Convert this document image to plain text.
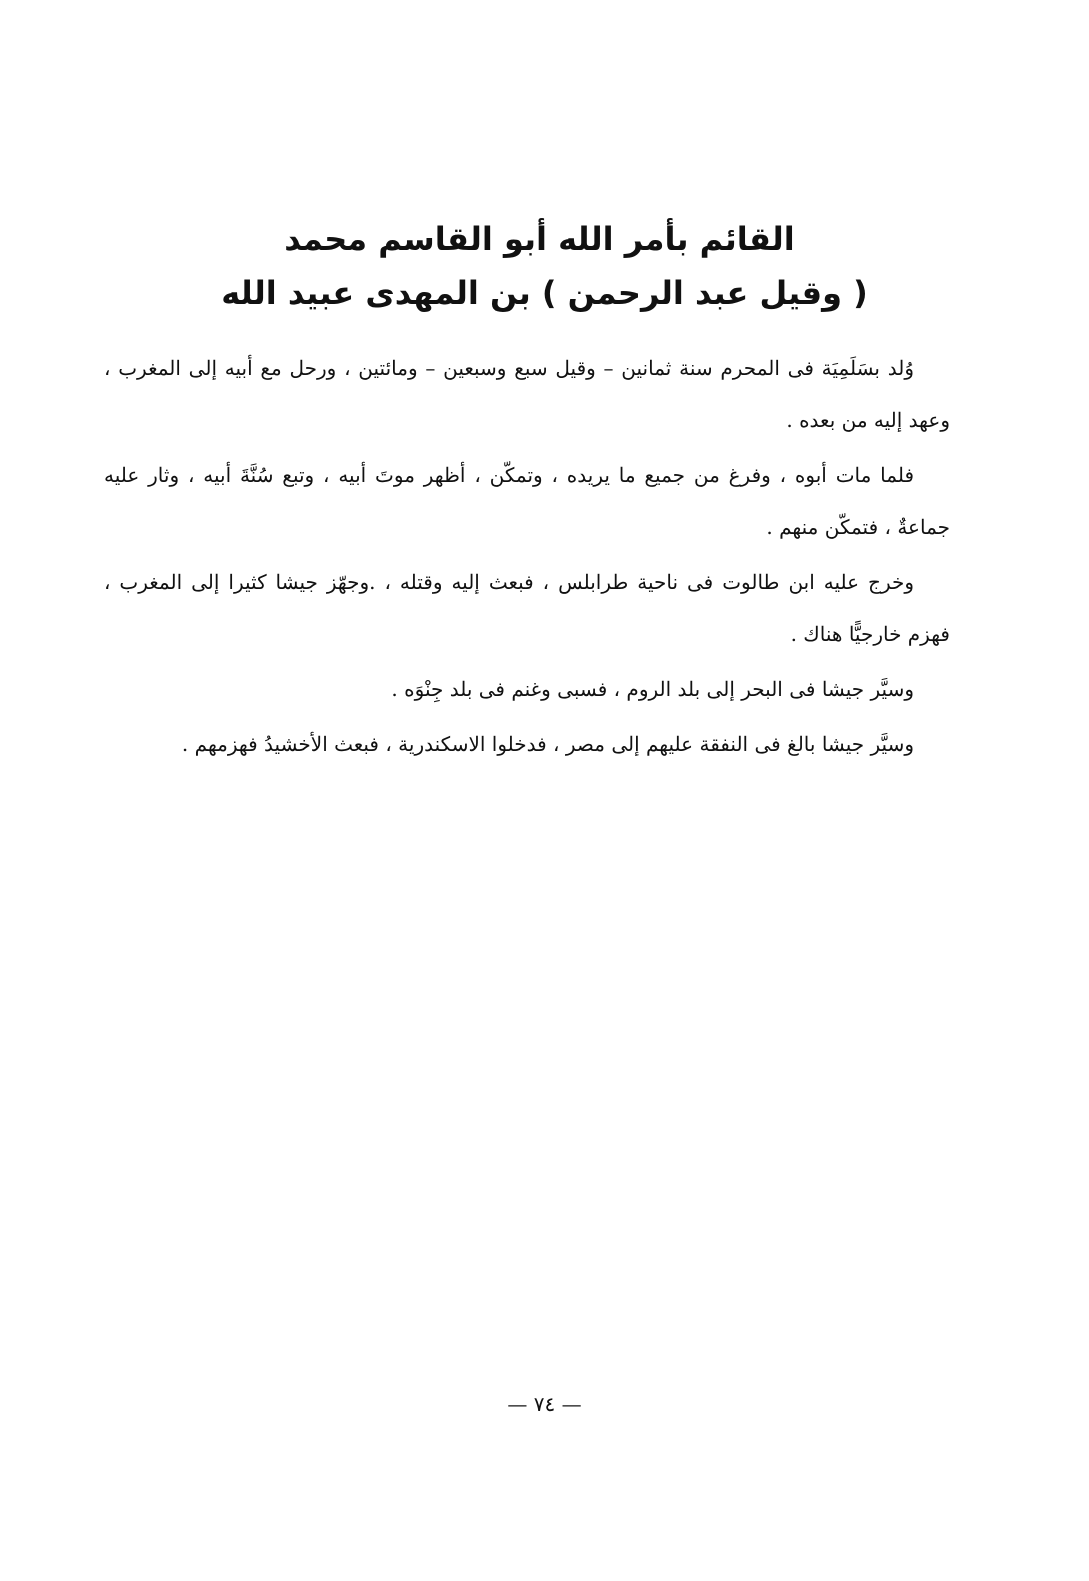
القائم بأمر الله أبو القاسم محمد
( وقيل عبد الرحمن ) بن المهدى عبيد الله

وُلد بسَلَمِيَة فى المحرم سنة ثمانين – وقيل سبع وسبعين – ومائتين ، ورحل مع أبيه إلى المغرب ، وعهد إليه من بعده .

فلما مات أبوه ، وفرغ من جميع ما يريده ، وتمكّن ، أظهر موتَ أبيه ، وتبع سُنَّةَ أبيه ، وثار عليه جماعةٌ ، فتمكّن منهم .

وخرج عليه ابن طالوت فى ناحية طرابلس ، فبعث إليه وقتله ، .وجهّز جيشا كثيرا إلى المغرب ، فهزم خارجيًّا هناك .

وسيَّر جيشا فى البحر إلى بلد الروم ، فسبى وغنم فى بلد جِنْوَه .

وسيَّر جيشا بالغ فى النفقة عليهم إلى مصر ، فدخلوا الاسكندرية ، فبعث الأخشيدُ فهزمهم .

— ٧٤ —
